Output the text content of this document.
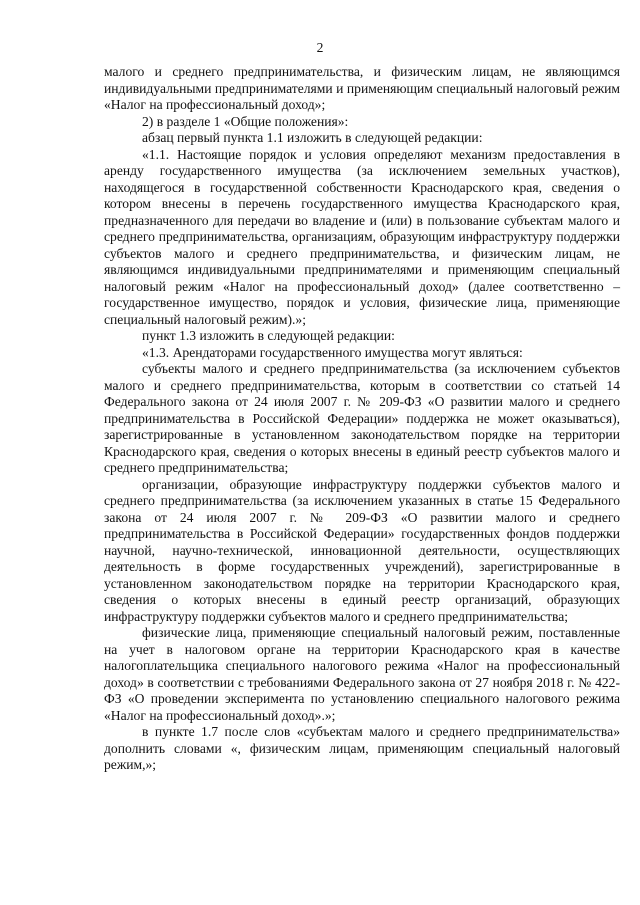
2

малого и среднего предпринимательства, и физическим лицам, не являющимся индивидуальными предпринимателями и применяющим специальный налоговый режим «Налог на профессиональный доход»;

2) в разделе 1 «Общие положения»:

абзац первый пункта 1.1 изложить в следующей редакции:

«1.1. Настоящие порядок и условия определяют механизм предоставления в аренду государственного имущества (за исключением земельных участков), находящегося в государственной собственности Краснодарского края, сведения о котором внесены в перечень государственного имущества Краснодарского края, предназначенного для передачи во владение и (или) в пользование субъектам малого и среднего предпринимательства, организациям, образующим инфраструктуру поддержки субъектов малого и среднего предпринимательства, и физическим лицам, не являющимся индивидуальными предпринимателями и применяющим специальный налоговый режим «Налог на профессиональный доход» (далее соответственно – государственное имущество, порядок и условия, физические лица, применяющие специальный налоговый режим).»;

пункт 1.3 изложить в следующей редакции:

«1.3. Арендаторами государственного имущества могут являться:

субъекты малого и среднего предпринимательства (за исключением субъектов малого и среднего предпринимательства, которым в соответствии со статьей 14 Федерального закона от 24 июля 2007 г. № 209-ФЗ «О развитии малого и среднего предпринимательства в Российской Федерации» поддержка не может оказываться), зарегистрированные в установленном законодательством порядке на территории Краснодарского края, сведения о которых внесены в единый реестр субъектов малого и среднего предпринимательства;

организации, образующие инфраструктуру поддержки субъектов малого и среднего предпринимательства (за исключением указанных в статье 15 Федерального закона от 24 июля 2007 г. № 209-ФЗ «О развитии малого и среднего предпринимательства в Российской Федерации» государственных фондов поддержки научной, научно-технической, инновационной деятельности, осуществляющих деятельность в форме государственных учреждений), зарегистрированные в установленном законодательством порядке на территории Краснодарского края, сведения о которых внесены в единый реестр организаций, образующих инфраструктуру поддержки субъектов малого и среднего предпринимательства;

физические лица, применяющие специальный налоговый режим, поставленные на учет в налоговом органе на территории Краснодарского края в качестве налогоплательщика специального налогового режима «Налог на профессиональный доход» в соответствии с требованиями Федерального закона от 27 ноября 2018 г. № 422-ФЗ «О проведении эксперимента по установлению специального налогового режима «Налог на профессиональный доход».»;

в пункте 1.7 после слов «субъектам малого и среднего предпринимательства» дополнить словами «, физическим лицам, применяющим специальный налоговый режим,»;
